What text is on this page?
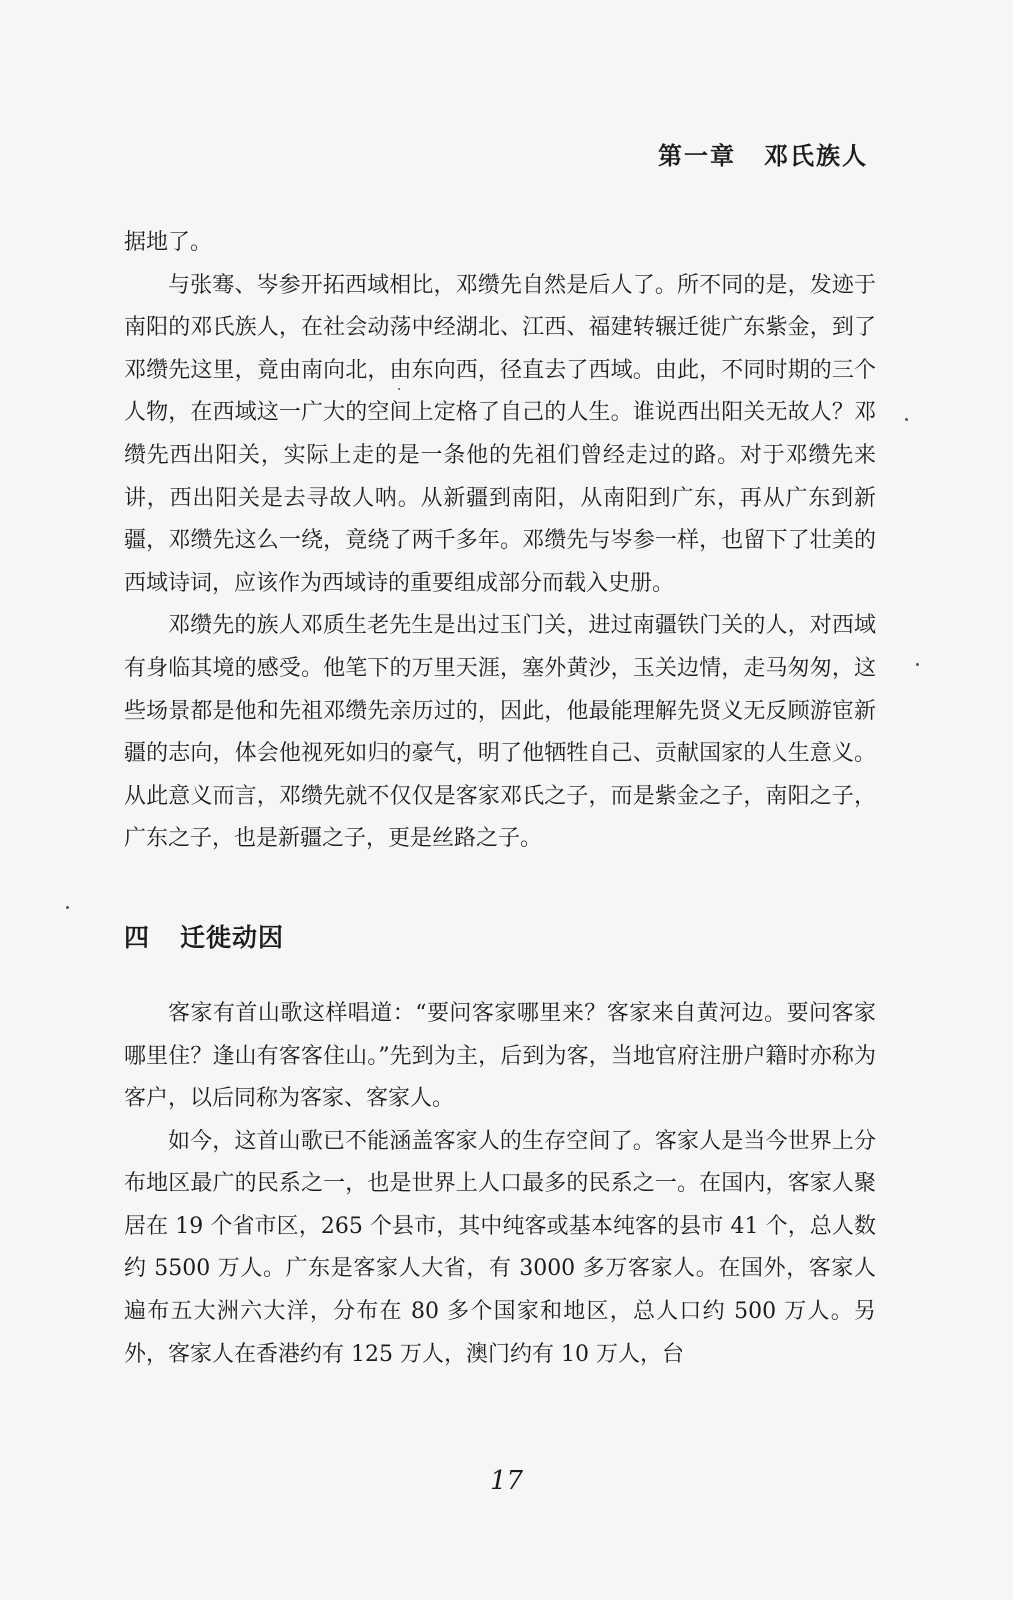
第一章 邓氏族人

据地了。

与张骞、岑参开拓西域相比，邓缵先自然是后人了。所不同的是，发迹于南阳的邓氏族人，在社会动荡中经湖北、江西、福建转辗迁徙广东紫金，到了邓缵先这里，竟由南向北，由东向西，径直去了西域。由此，不同时期的三个人物，在西域这一广大的空间上定格了自己的人生。谁说西出阳关无故人？邓缵先西出阳关，实际上走的是一条他的先祖们曾经走过的路。对于邓缵先来讲，西出阳关是去寻故人呐。从新疆到南阳，从南阳到广东，再从广东到新疆，邓缵先这么一绕，竟绕了两千多年。邓缵先与岑参一样，也留下了壮美的西域诗词，应该作为西域诗的重要组成部分而载入史册。

邓缵先的族人邓质生老先生是出过玉门关，进过南疆铁门关的人，对西域有身临其境的感受。他笔下的万里天涯，塞外黄沙，玉关边情，走马匆匆，这些场景都是他和先祖邓缵先亲历过的，因此，他最能理解先贤义无反顾游宦新疆的志向，体会他视死如归的豪气，明了他牺牲自己、贡献国家的人生意义。从此意义而言，邓缵先就不仅仅是客家邓氏之子，而是紫金之子，南阳之子，广东之子，也是新疆之子，更是丝路之子。

四 迁徙动因

客家有首山歌这样唱道：“要问客家哪里来？客家来自黄河边。要问客家哪里住？逢山有客客住山。”先到为主，后到为客，当地官府注册户籍时亦称为客户，以后同称为客家、客家人。

如今，这首山歌已不能涵盖客家人的生存空间了。客家人是当今世界上分布地区最广的民系之一，也是世界上人口最多的民系之一。在国内，客家人聚居在 19 个省市区，265 个县市，其中纯客或基本纯客的县市 41 个，总人数约 5500 万人。广东是客家人大省，有 3000 多万客家人。在国外，客家人遍布五大洲六大洋，分布在 80 多个国家和地区，总人口约 500 万人。另外，客家人在香港约有 125 万人，澳门约有 10 万人，台

17
